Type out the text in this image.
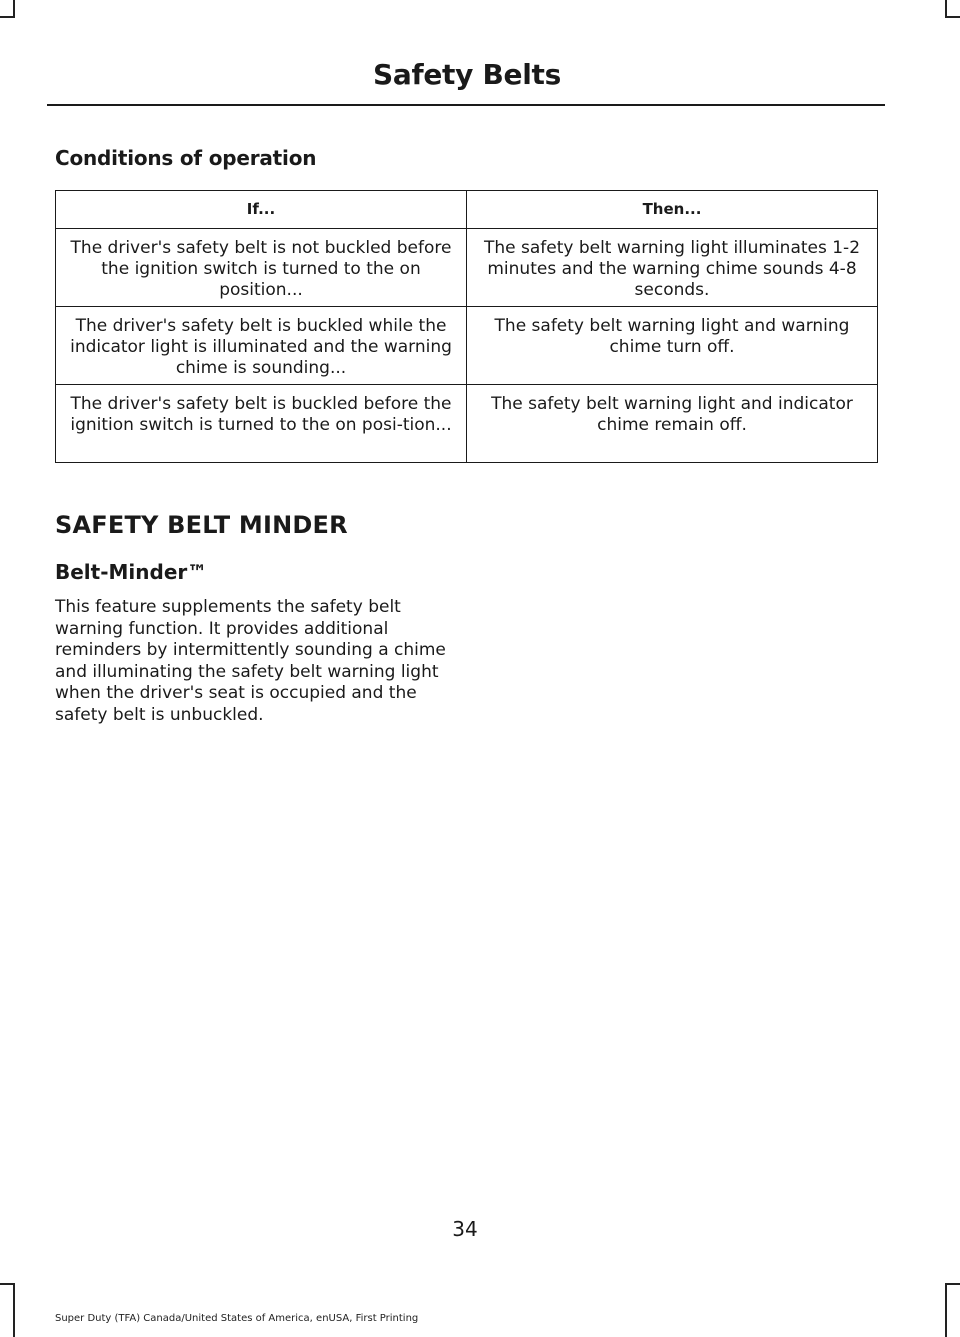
Safety Belts
Conditions of operation
If...	Then...
The driver's safety belt is not buckled before the ignition switch is turned to the on position...	The safety belt warning light illuminates 1-2 minutes and the warning chime sounds 4-8 seconds.
The driver's safety belt is buckled while the indicator light is illuminated and the warning chime is sounding...	The safety belt warning light and warning chime turn off.
The driver's safety belt is buckled before the ignition switch is turned to the on posi-tion...	The safety belt warning light and indicator chime remain off.
SAFETY BELT MINDER
Belt-Minder™

This feature supplements the safety belt warning function. It provides additional reminders by intermittently sounding a chime and illuminating the safety belt warning light when the driver's seat is occupied and the safety belt is unbuckled.

34
Super Duty (TFA) Canada/United States of America, enUSA, First Printing
